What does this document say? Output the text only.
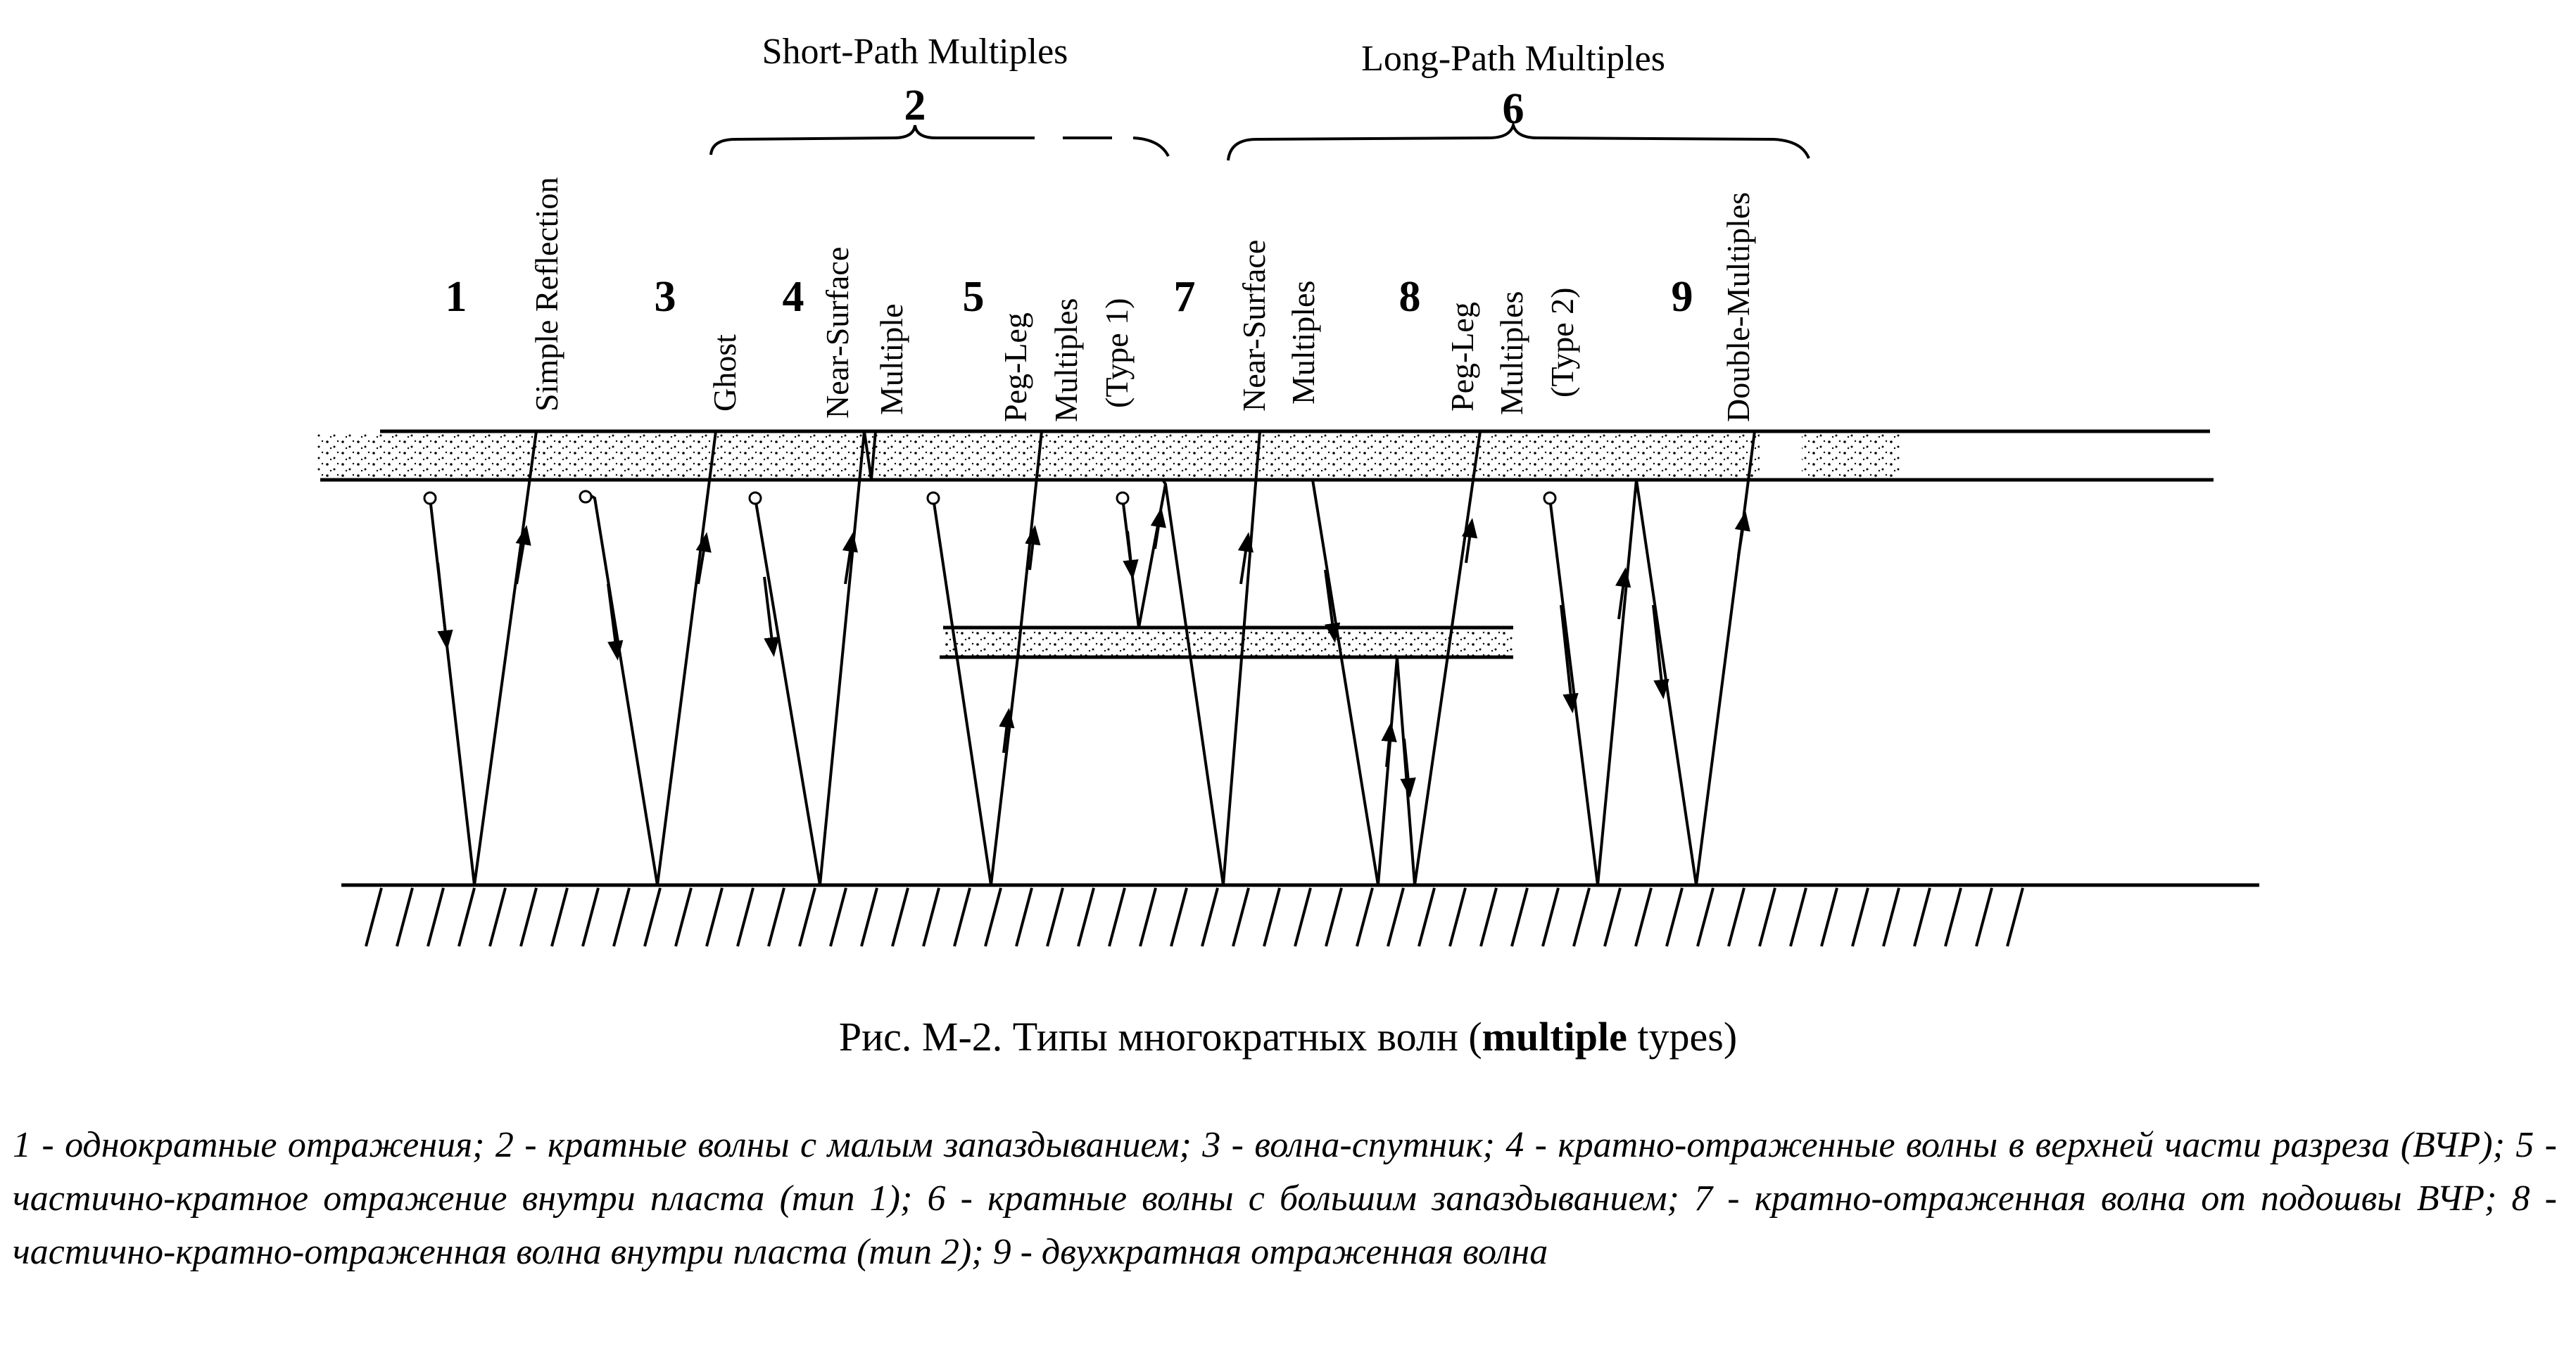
Short-Path Multiples
2
Long-Path Multiples
6
1	3 4	5	7	8	9
Simple Reflection	Ghost Near-Surface Multiple	Peg-Leg Multiples (Type 1)	Near-Surface Multiples	Peg-Leg Multiples (Type 2)	Double-Multiples
Рис. М-2. Типы многократных волн (multiple types)
1 - однократные отражения; 2 - кратные волны с малым запаздыванием; 3 - волна-спутник; 4 - кратно-отраженные волны в верхней части разреза (ВЧР); 5 - частично-кратное отражение внутри пласта (тип 1); 6 - кратные волны с большим запаздыванием; 7 - кратно-отраженная волна от подошвы ВЧР; 8 - частично-кратно-отраженная волна внутри пласта (тип 2); 9 - двухкратная отраженная волна
